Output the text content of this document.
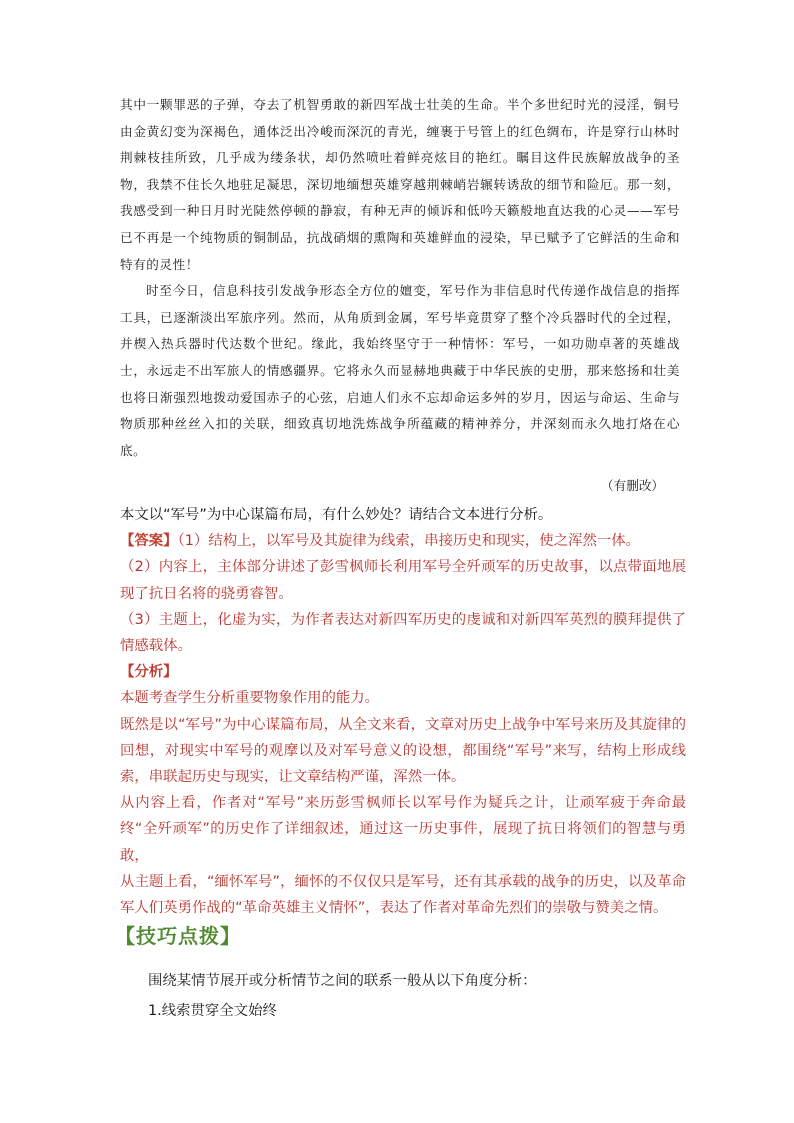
其中一颗罪恶的子弹，夺去了机智勇敢的新四军战士壮美的生命。半个多世纪时光的浸淫，铜号由金黄幻变为深褐色，通体泛出冷峻而深沉的青光，缠裹于号管上的红色绸布，许是穿行山林时荆棘枝挂所致，几乎成为缕条状，却仍然喷吐着鲜亮炫目的艳红。瞩目这件民族解放战争的圣物，我禁不住长久地驻足凝思，深切地缅想英雄穿越荆棘峭岩辗转诱敌的细节和险厄。那一刻，我感受到一种日月时光陡然停顿的静寂，有种无声的倾诉和低吟天籁般地直达我的心灵——军号已不再是一个纯物质的铜制品，抗战硝烟的熏陶和英雄鲜血的浸染，早已赋予了它鲜活的生命和特有的灵性！

时至今日，信息科技引发战争形态全方位的嬗变，军号作为非信息时代传递作战信息的指挥工具，已逐渐淡出军旅序列。然而，从角质到金属，军号毕竟贯穿了整个冷兵器时代的全过程，并楔入热兵器时代达数个世纪。缘此，我始终坚守于一种情怀：军号，一如功勋卓著的英雄战士，永远走不出军旅人的情感疆界。它将永久而显赫地典藏于中华民族的史册，那来悠扬和壮美也将日渐强烈地拨动爱国赤子的心弦，启迪人们永不忘却命运多舛的岁月，因运与命运、生命与物质那种丝丝入扣的关联，细致真切地洗炼战争所蕴藏的精神养分，并深刻而永久地打烙在心底。

（有删改）

本文以“军号”为中心谋篇布局，有什么妙处？请结合文本进行分析。

【答案】（1）结构上，以军号及其旋律为线索，串接历史和现实，使之浑然一体。

（2）内容上，主体部分讲述了彭雪枫师长利用军号全歼顽军的历史故事，以点带面地展现了抗日名将的骁勇睿智。

（3）主题上，化虚为实，为作者表达对新四军历史的虔诚和对新四军英烈的膜拜提供了情感载体。

【分析】

本题考查学生分析重要物象作用的能力。

既然是以“军号”为中心谋篇布局，从全文来看，文章对历史上战争中军号来历及其旋律的回想，对现实中军号的观摩以及对军号意义的设想，都围绕“军号”来写，结构上形成线索，串联起历史与现实，让文章结构严谨，浑然一体。

从内容上看，作者对“军号”来历彭雪枫师长以军号作为疑兵之计，让顽军疲于奔命最终“全歼顽军”的历史作了详细叙述，通过这一历史事件，展现了抗日将领们的智慧与勇敢，

从主题上看，“缅怀军号”，缅怀的不仅仅只是军号，还有其承载的战争的历史，以及革命军人们英勇作战的“革命英雄主义情怀”，表达了作者对革命先烈们的崇敬与赞美之情。

【技巧点拨】

围绕某情节展开或分析情节之间的联系一般从以下角度分析：

1.线索贯穿全文始终
